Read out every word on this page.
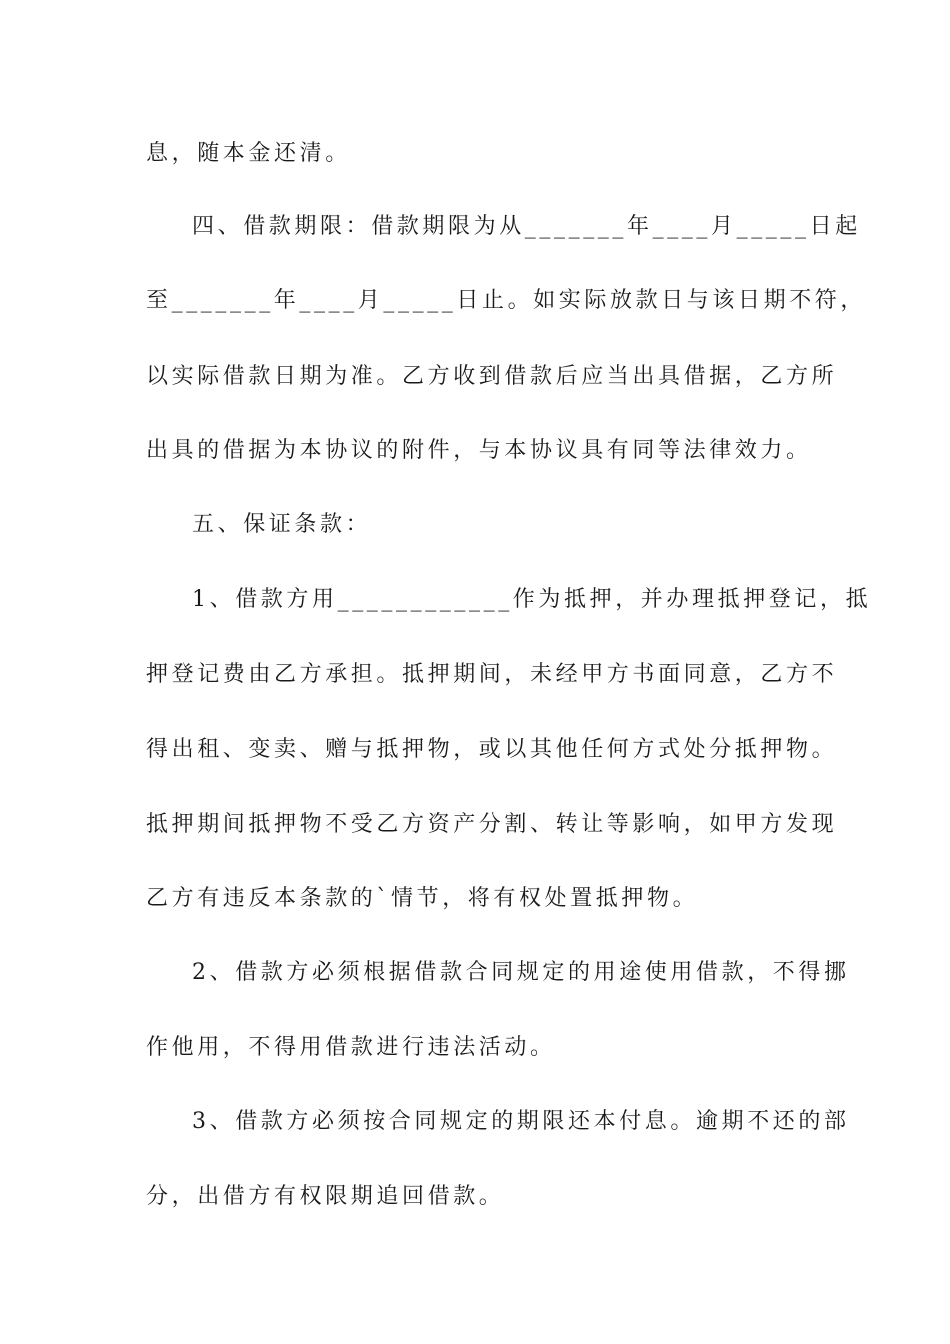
息，随本金还清。
四、借款期限：借款期限为从_______年____月_____日起
至_______年____月_____日止。如实际放款日与该日期不符，
以实际借款日期为准。乙方收到借款后应当出具借据，乙方所
出具的借据为本协议的附件，与本协议具有同等法律效力。
五、保证条款：
1、借款方用____________作为抵押，并办理抵押登记，抵
押登记费由乙方承担。抵押期间，未经甲方书面同意，乙方不
得出租、变卖、赠与抵押物，或以其他任何方式处分抵押物。
抵押期间抵押物不受乙方资产分割、转让等影响，如甲方发现
乙方有违反本条款的`情节，将有权处置抵押物。
2、借款方必须根据借款合同规定的用途使用借款，不得挪
作他用，不得用借款进行违法活动。
3、借款方必须按合同规定的期限还本付息。逾期不还的部
分，出借方有权限期追回借款。
